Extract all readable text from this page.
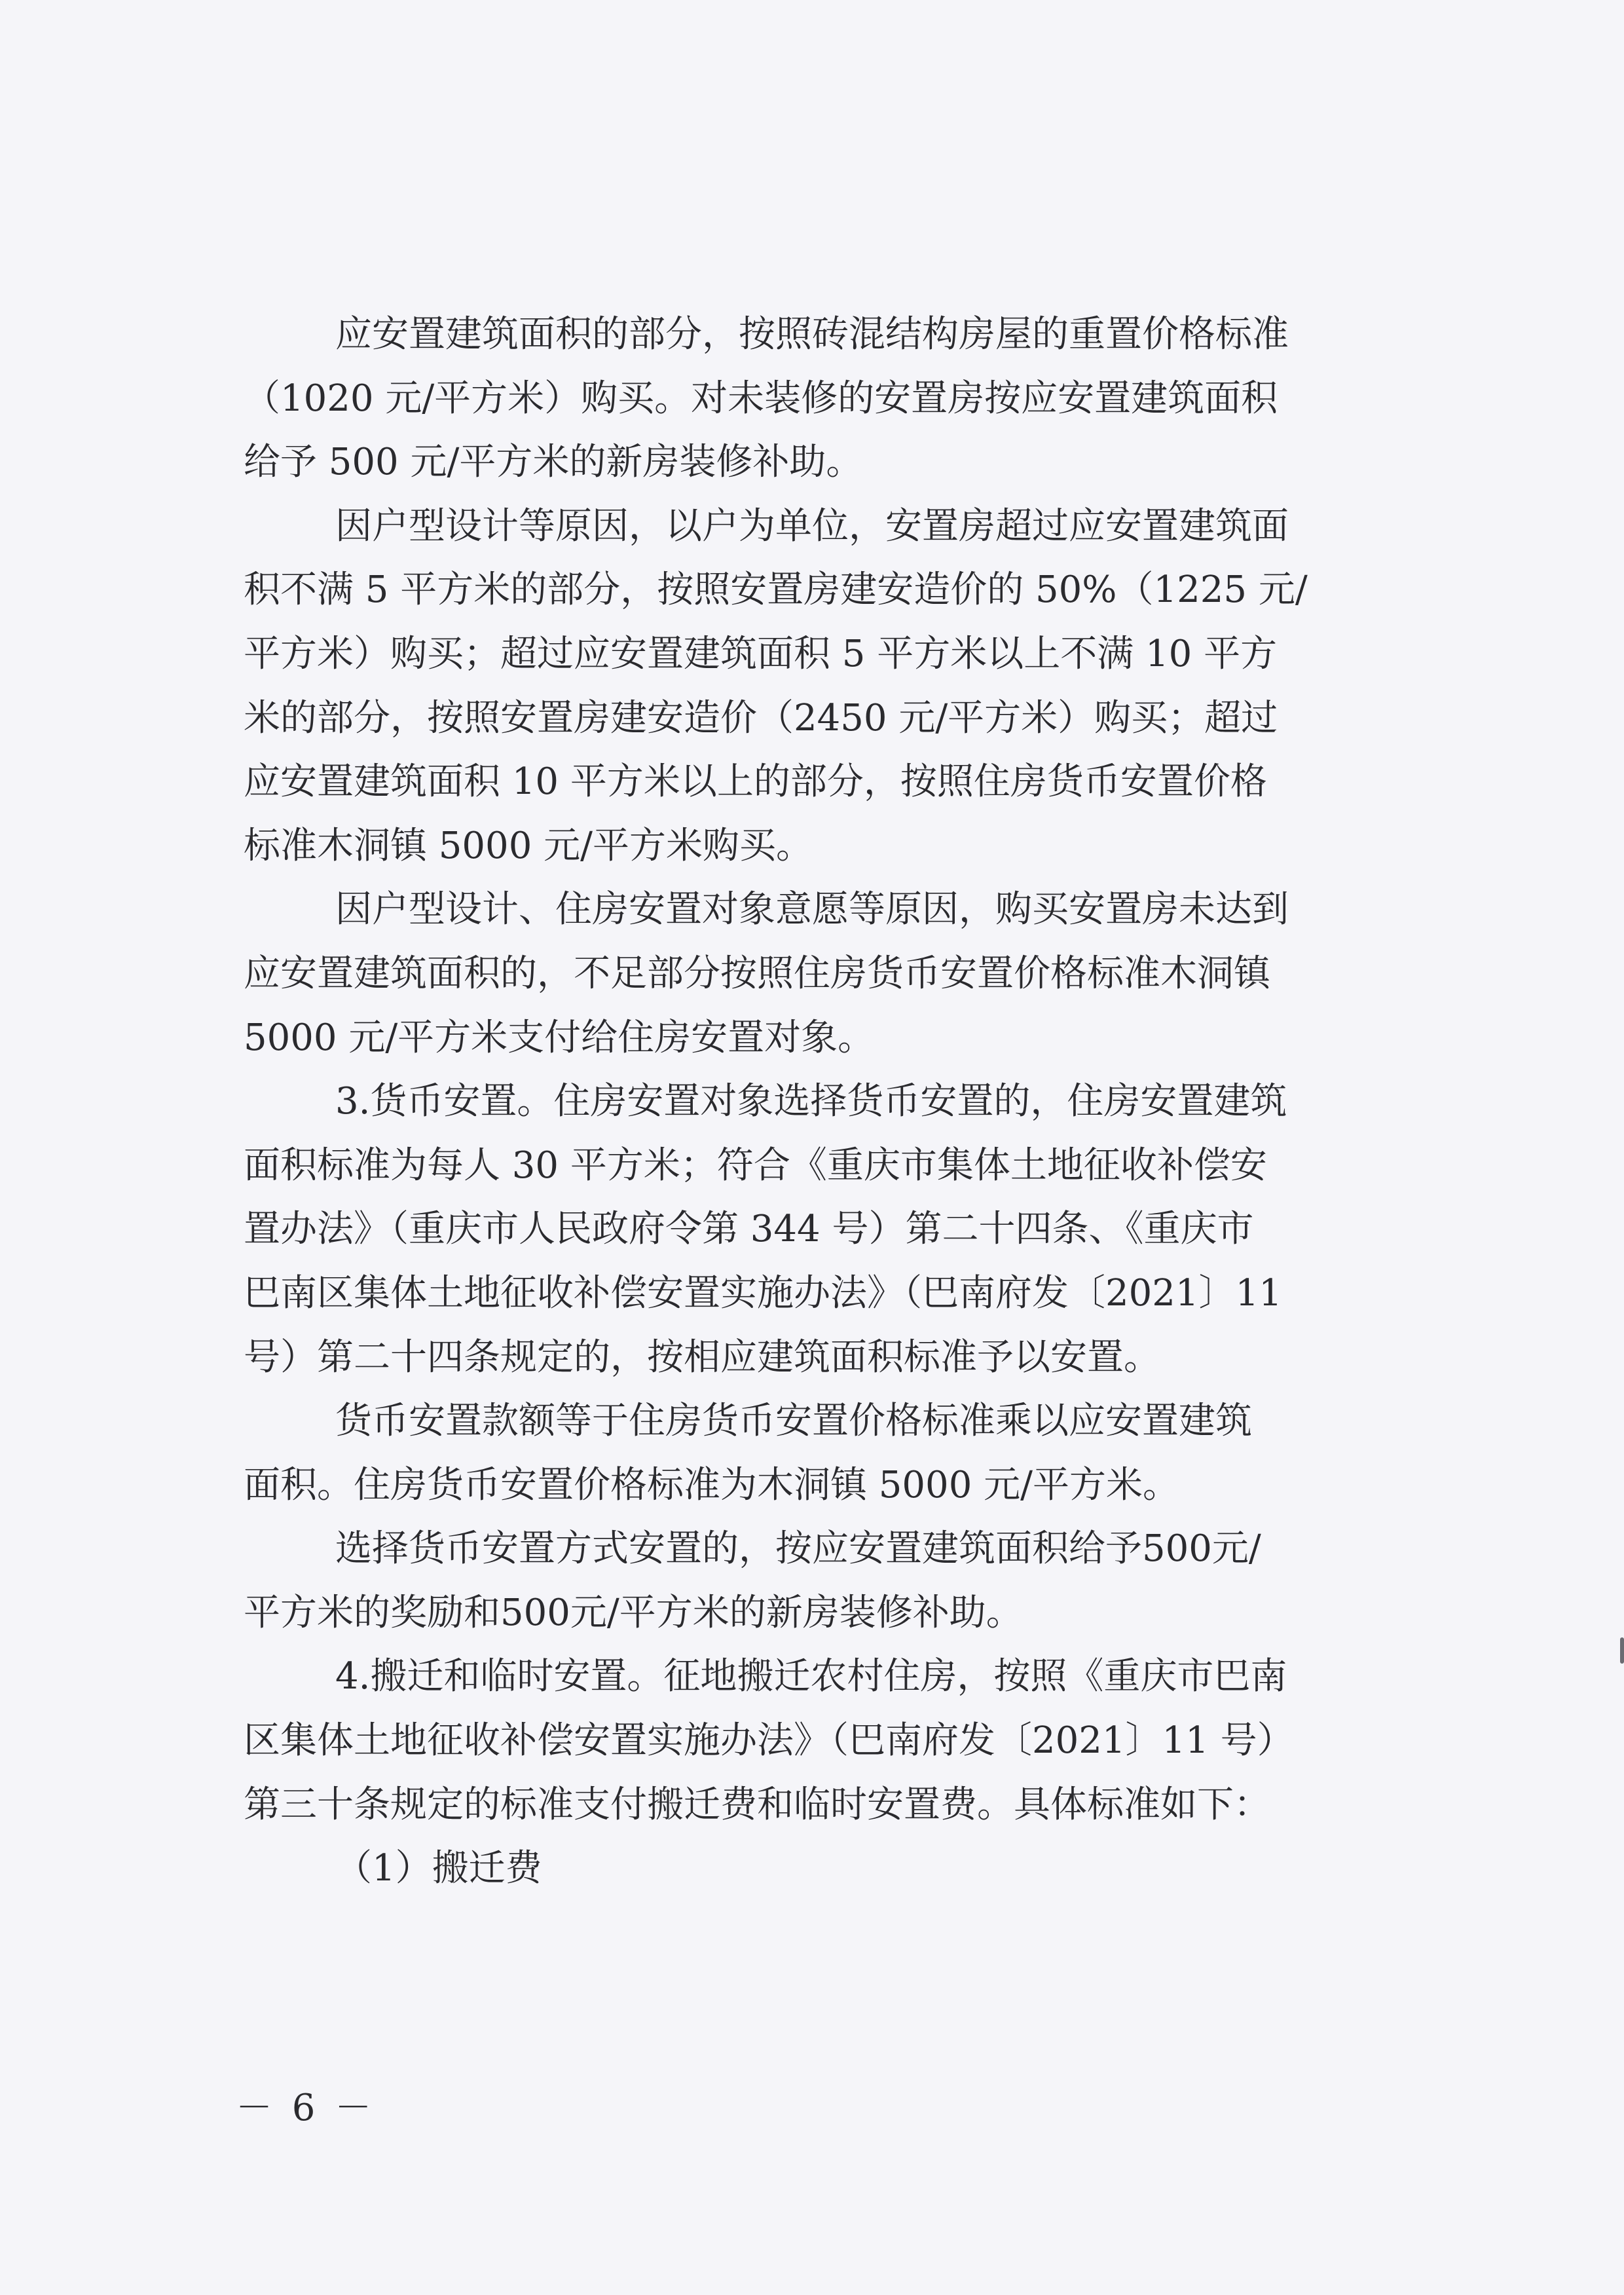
应安置建筑面积的部分，按照砖混结构房屋的重置价格标准
（1020 元/平方米）购买。对未装修的安置房按应安置建筑面积
给予 500 元/平方米的新房装修补助。
因户型设计等原因，以户为单位，安置房超过应安置建筑面
积不满 5 平方米的部分，按照安置房建安造价的 50%（1225 元/
平方米）购买；超过应安置建筑面积 5 平方米以上不满 10 平方
米的部分，按照安置房建安造价（2450 元/平方米）购买；超过
应安置建筑面积 10 平方米以上的部分，按照住房货币安置价格
标准木洞镇 5000 元/平方米购买。
因户型设计、住房安置对象意愿等原因，购买安置房未达到
应安置建筑面积的，不足部分按照住房货币安置价格标准木洞镇
5000 元/平方米支付给住房安置对象。
3.货币安置。住房安置对象选择货币安置的，住房安置建筑
面积标准为每人 30 平方米；符合《重庆市集体土地征收补偿安
置办法》（重庆市人民政府令第 344 号）第二十四条、《重庆市
巴南区集体土地征收补偿安置实施办法》（巴南府发〔2021〕11
号）第二十四条规定的，按相应建筑面积标准予以安置。
货币安置款额等于住房货币安置价格标准乘以应安置建筑
面积。住房货币安置价格标准为木洞镇 5000 元/平方米。
选择货币安置方式安置的，按应安置建筑面积给予500元/
平方米的奖励和500元/平方米的新房装修补助。
4.搬迁和临时安置。征地搬迁农村住房，按照《重庆市巴南
区集体土地征收补偿安置实施办法》（巴南府发〔2021〕11 号）
第三十条规定的标准支付搬迁费和临时安置费。具体标准如下：
（1）搬迁费
－ 6 －
